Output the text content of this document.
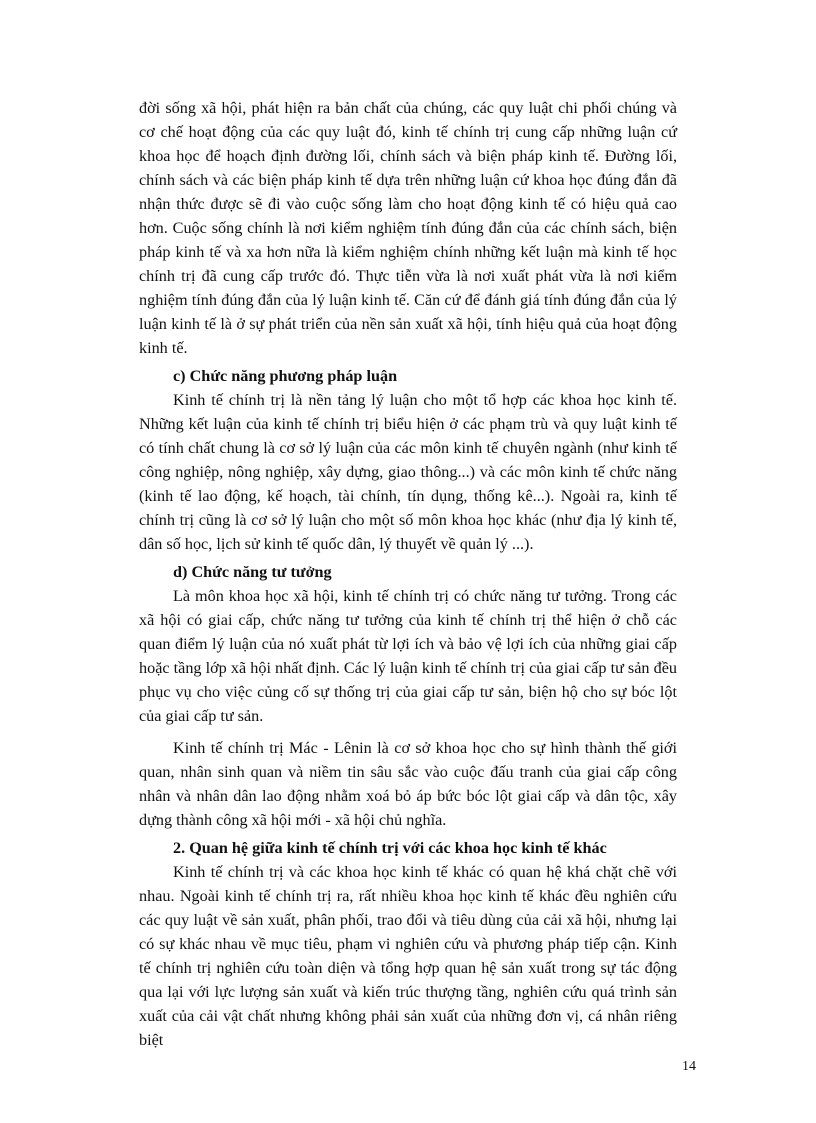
đời sống xã hội, phát hiện ra bản chất của chúng, các quy luật chi phối chúng và cơ chế hoạt động của các quy luật đó, kinh tế chính trị cung cấp những luận cứ khoa học để hoạch định đường lối, chính sách và biện pháp kinh tế. Đường lối, chính sách và các biện pháp kinh tế dựa trên những luận cứ khoa học đúng đắn đã nhận thức được sẽ đi vào cuộc sống làm cho hoạt động kinh tế có hiệu quả cao hơn. Cuộc sống chính là nơi kiểm nghiệm tính đúng đắn của các chính sách, biện pháp kinh tế và xa hơn nữa là kiểm nghiệm chính những kết luận mà kinh tế học chính trị đã cung cấp trước đó. Thực tiễn vừa là nơi xuất phát vừa là nơi kiểm nghiệm tính đúng đắn của lý luận kinh tế. Căn cứ để đánh giá tính đúng đắn của lý luận kinh tế là ở sự phát triển của nền sản xuất xã hội, tính hiệu quả của hoạt động kinh tế.

c) Chức năng phương pháp luận

Kinh tế chính trị là nền tảng lý luận cho một tổ hợp các khoa học kinh tế. Những kết luận của kinh tế chính trị biểu hiện ở các phạm trù và quy luật kinh tế có tính chất chung là cơ sở lý luận của các môn kinh tế chuyên ngành (như kinh tế công nghiệp, nông nghiệp, xây dựng, giao thông...) và các môn kinh tế chức năng (kinh tế lao động, kế hoạch, tài chính, tín dụng, thống kê...). Ngoài ra, kinh tế chính trị cũng là cơ sở lý luận cho một số môn khoa học khác (như địa lý kinh tế, dân số học, lịch sử kinh tế quốc dân, lý thuyết về quản lý ...).

d) Chức năng tư tưởng

Là môn khoa học xã hội, kinh tế chính trị có chức năng tư tưởng. Trong các xã hội có giai cấp, chức năng tư tưởng của kinh tế chính trị thể hiện ở chỗ các quan điểm lý luận của nó xuất phát từ lợi ích và bảo vệ lợi ích của những giai cấp hoặc tầng lớp xã hội nhất định. Các lý luận kinh tế chính trị của giai cấp tư sản đều phục vụ cho việc củng cố sự thống trị của giai cấp tư sản, biện hộ cho sự bóc lột của giai cấp tư sản.

Kinh tế chính trị Mác - Lênin là cơ sở khoa học cho sự hình thành thế giới quan, nhân sinh quan và niềm tin sâu sắc vào cuộc đấu tranh của giai cấp công nhân và nhân dân lao động nhằm xoá bỏ áp bức bóc lột giai cấp và dân tộc, xây dựng thành công xã hội mới - xã hội chủ nghĩa.

2. Quan hệ giữa kinh tế chính trị với các khoa học kinh tế khác

Kinh tế chính trị và các khoa học kinh tế khác có quan hệ khá chặt chẽ với nhau. Ngoài kinh tế chính trị ra, rất nhiều khoa học kinh tế khác đều nghiên cứu các quy luật về sản xuất, phân phối, trao đổi và tiêu dùng của cải xã hội, nhưng lại có sự khác nhau về mục tiêu, phạm vi nghiên cứu và phương pháp tiếp cận. Kinh tế chính trị nghiên cứu toàn diện và tổng hợp quan hệ sản xuất trong sự tác động qua lại với lực lượng sản xuất và kiến trúc thượng tầng, nghiên cứu quá trình sản xuất của cải vật chất nhưng không phải sản xuất của những đơn vị, cá nhân riêng biệt

14
